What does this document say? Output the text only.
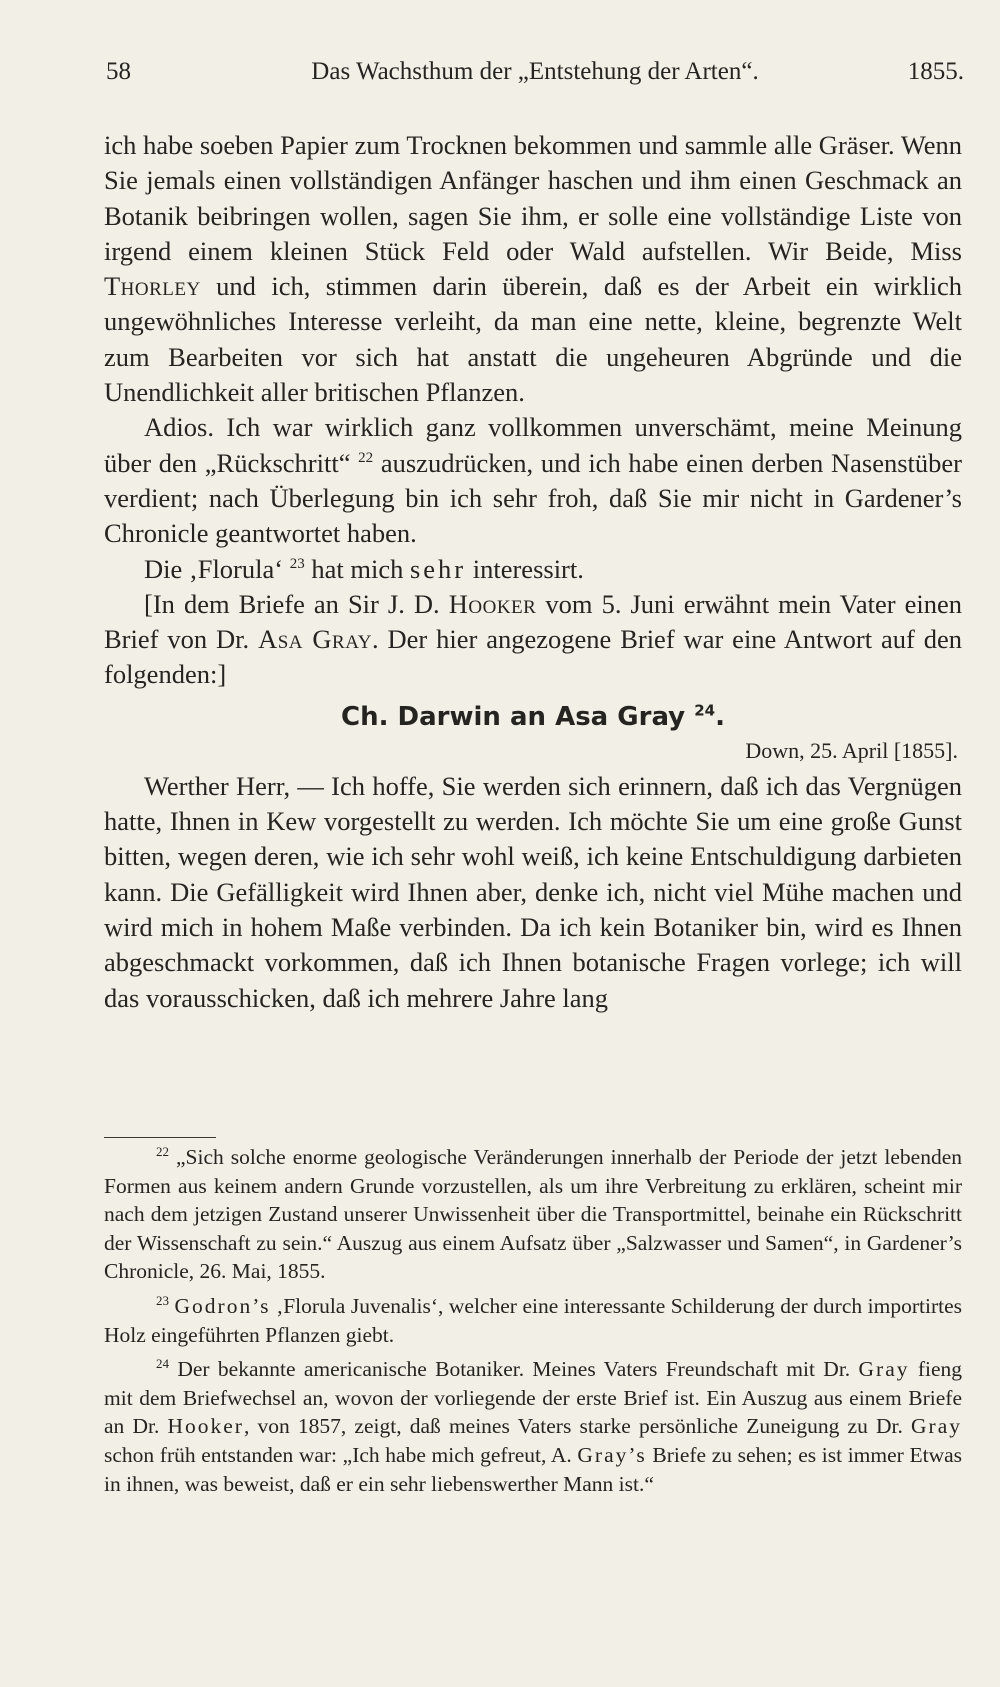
58	Das Wachsthum der „Entstehung der Arten“.	1855.

ich habe soeben Papier zum Trocknen bekommen und sammle alle Gräser. Wenn Sie jemals einen vollständigen Anfänger haschen und ihm einen Geschmack an Botanik beibringen wollen, sagen Sie ihm, er solle eine vollständige Liste von irgend einem kleinen Stück Feld oder Wald aufstellen. Wir Beide, Miss Thorley und ich, stimmen darin überein, daß es der Arbeit ein wirklich ungewöhnliches Interesse verleiht, da man eine nette, kleine, begrenzte Welt zum Bearbeiten vor sich hat anstatt die ungeheuren Abgründe und die Unendlichkeit aller britischen Pflanzen.

Adios. Ich war wirklich ganz vollkommen unverschämt, meine Meinung über den „Rückschritt“ $^{22}$ auszudrücken, und ich habe einen derben Nasenstüber verdient; nach Überlegung bin ich sehr froh, daß Sie mir nicht in Gardener’s Chronicle geantwortet haben.

Die ‚Florula‘ $^{23}$ hat mich sehr interessirt.

[In dem Briefe an Sir J. D. Hooker vom 5. Juni erwähnt mein Vater einen Brief von Dr. Asa Gray. Der hier angezogene Brief war eine Antwort auf den folgenden:]

Ch. Darwin an Asa Gray $^{24}$.
Down, 25. April [1855].

Werther Herr, — Ich hoffe, Sie werden sich erinnern, daß ich das Vergnügen hatte, Ihnen in Kew vorgestellt zu werden. Ich möchte Sie um eine große Gunst bitten, wegen deren, wie ich sehr wohl weiß, ich keine Entschuldigung darbieten kann. Die Gefälligkeit wird Ihnen aber, denke ich, nicht viel Mühe machen und wird mich in hohem Maße verbinden. Da ich kein Botaniker bin, wird es Ihnen abgeschmackt vorkommen, daß ich Ihnen botanische Fragen vorlege; ich will das vorausschicken, daß ich mehrere Jahre lang

$^{22}$ „Sich solche enorme geologische Veränderungen innerhalb der Periode der jetzt lebenden Formen aus keinem andern Grunde vorzustellen, als um ihre Verbreitung zu erklären, scheint mir nach dem jetzigen Zustand unserer Unwissenheit über die Transportmittel, beinahe ein Rückschritt der Wissenschaft zu sein.“ Auszug aus einem Aufsatz über „Salzwasser und Samen“, in Gardener’s Chronicle, 26. Mai, 1855.

$^{23}$ Godron’s ‚Florula Juvenalis‘, welcher eine interessante Schilderung der durch importirtes Holz eingeführten Pflanzen giebt.

$^{24}$ Der bekannte americanische Botaniker. Meines Vaters Freundschaft mit Dr. Gray fieng mit dem Briefwechsel an, wovon der vorliegende der erste Brief ist. Ein Auszug aus einem Briefe an Dr. Hooker, von 1857, zeigt, daß meines Vaters starke persönliche Zuneigung zu Dr. Gray schon früh entstanden war: „Ich habe mich gefreut, A. Gray’s Briefe zu sehen; es ist immer Etwas in ihnen, was beweist, daß er ein sehr liebenswerther Mann ist.“
